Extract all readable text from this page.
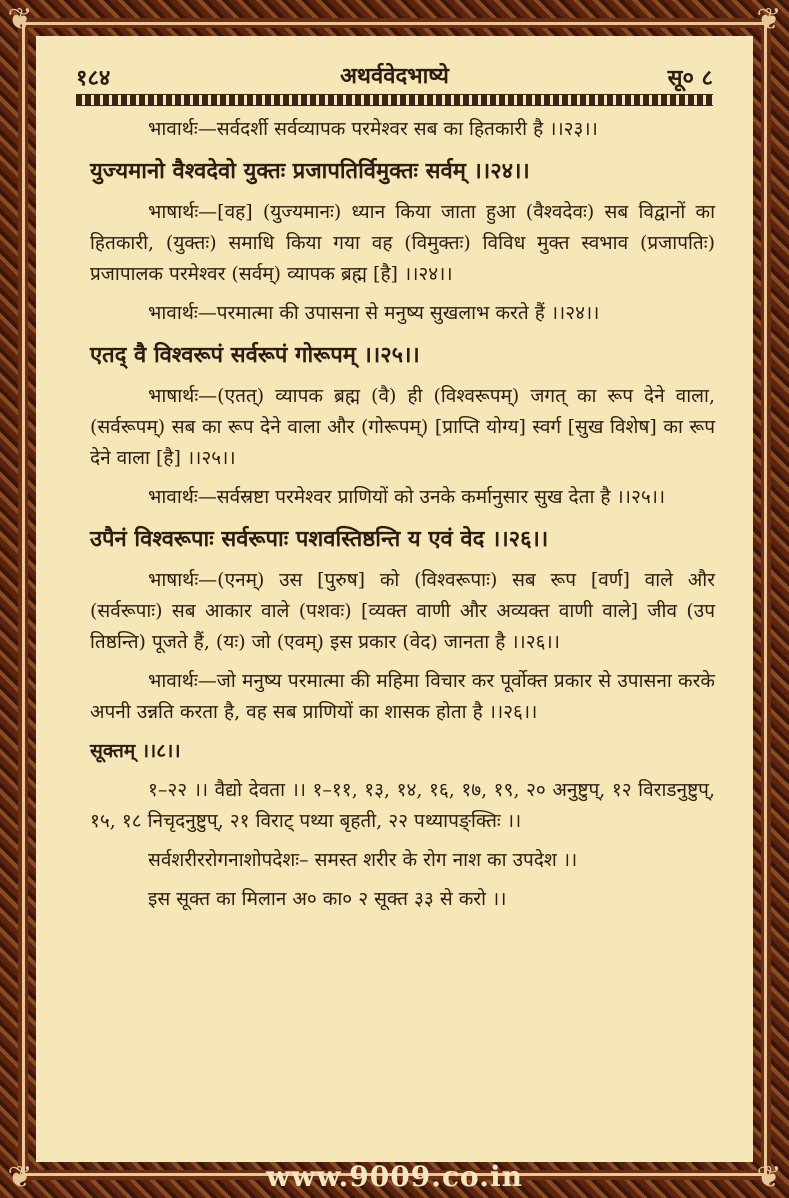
❦	❦
❦	❦
१८४	अथर्ववेदभाष्ये	सू० ८

भावार्थः—सर्वदर्शी सर्वव्यापक परमेश्वर सब का हितकारी है ।।२३।।

युज्यमानो वैश्वदेवो युक्तः प्रजापतिर्विमुक्तः सर्वम् ।।२४।।

भाषार्थः—[वह] (युज्यमानः) ध्यान किया जाता हुआ (वैश्वदेवः) सब विद्वानों का हितकारी, (युक्तः) समाधि किया गया वह (विमुक्तः) विविध मुक्त स्वभाव (प्रजापतिः) प्रजापालक परमेश्वर (सर्वम्) व्यापक ब्रह्म [है] ।।२४।।

भावार्थः—परमात्मा की उपासना से मनुष्य सुखलाभ करते हैं ।।२४।।

एतद् वै विश्वरूपं सर्वरूपं गोरूपम् ।।२५।।

भाषार्थः—(एतत्) व्यापक ब्रह्म (वै) ही (विश्वरूपम्) जगत् का रूप देने वाला, (सर्वरूपम्) सब का रूप देने वाला और (गोरूपम्) [प्राप्ति योग्य] स्वर्ग [सुख विशेष] का रूप देने वाला [है] ।।२५।।

भावार्थः—सर्वस्रष्टा परमेश्वर प्राणियों को उनके कर्मानुसार सुख देता है ।।२५।।

उपैनं विश्वरूपाः सर्वरूपाः पशवस्तिष्ठन्ति य एवं वेद ।।२६।।

भाषार्थः—(एनम्) उस [पुरुष] को (विश्वरूपाः) सब रूप [वर्ण] वाले और (सर्वरूपाः) सब आकार वाले (पशवः) [व्यक्त वाणी और अव्यक्त वाणी वाले] जीव (उप तिष्ठन्ति) पूजते हैं, (यः) जो (एवम्) इस प्रकार (वेद) जानता है ।।२६।।

भावार्थः—जो मनुष्य परमात्मा की महिमा विचार कर पूर्वोक्त प्रकार से उपासना करके अपनी उन्नति करता है, वह सब प्राणियों का शासक होता है ।।२६।।

सूक्तम् ।।८।।

१–२२ ।। वैद्यो देवता ।। १–११, १३, १४, १६, १७, १९, २० अनुष्टुप्, १२ विराडनुष्टुप्, १५, १८ निचृदनुष्टुप्, २१ विराट् पथ्या बृहती, २२ पथ्यापङ्क्तिः ।।

सर्वशरीररोगनाशोपदेशः– समस्त शरीर के रोग नाश का उपदेश ।।

इस सूक्त का मिलान अ० का० २ सूक्त ३३ से करो ।।

www.9009.co.in
